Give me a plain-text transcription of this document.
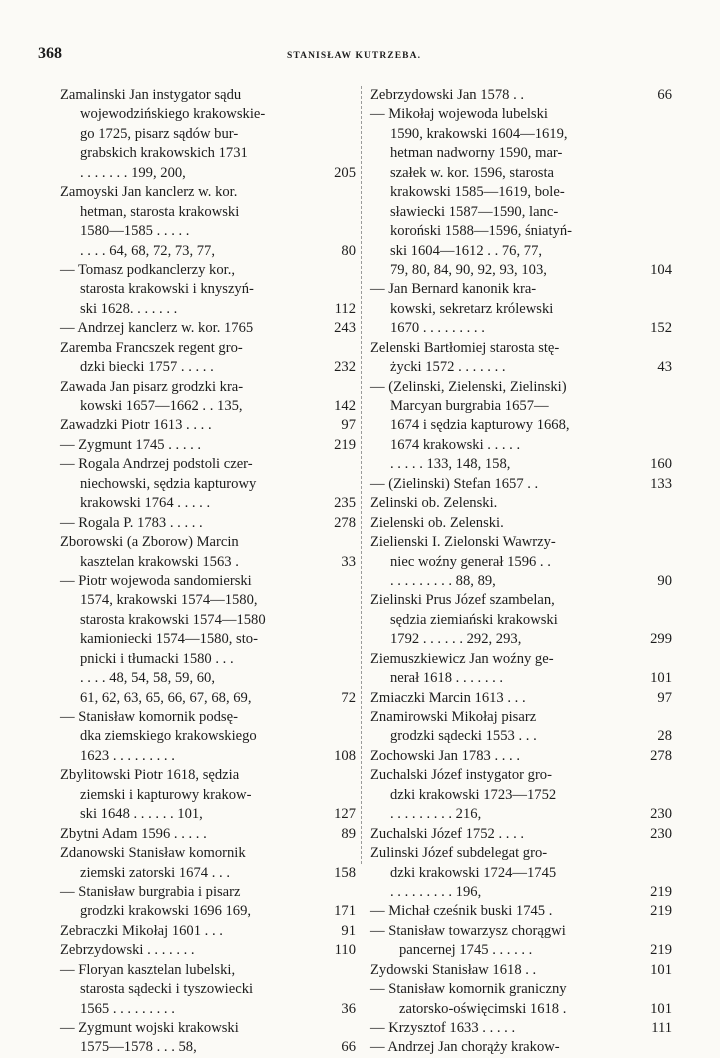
368	STANISŁAW KUTRZEBA.
Zamalinski Jan instygator sądu
wojewodzińskiego krakowskie-
go 1725, pisarz sądów bur-
grabskich krakowskich 1731
. . . . . . . 199, 200,	205
Zamoyski Jan kanclerz w. kor.
hetman, starosta krakowski
1580—1585 . . . . .
. . . . 64, 68, 72, 73, 77,	80
— Tomasz podkanclerzy kor.,
starosta krakowski i knyszyń-
ski 1628. . . . . . .	112
— Andrzej kanclerz w. kor. 1765	243
Zaremba Francszek regent gro-
dzki biecki 1757 . . . . .	232
Zawada Jan pisarz grodzki kra-
kowski 1657—1662 . . 135,	142
Zawadzki Piotr 1613 . . . .	97
— Zygmunt 1745 . . . . .	219
— Rogala Andrzej podstoli czer-
niechowski, sędzia kapturowy
krakowski 1764 . . . . .	235
— Rogala P. 1783 . . . . .	278
Zborowski (a Zborow) Marcin
kasztelan krakowski 1563 .	33
— Piotr wojewoda sandomierski
1574, krakowski 1574—1580,
starosta krakowski 1574—1580
kamioniecki 1574—1580, sto-
pnicki i tłumacki 1580 . . .
. . . . 48, 54, 58, 59, 60,
61, 62, 63, 65, 66, 67, 68, 69,	72
— Stanisław komornik podsę-
dka ziemskiego krakowskiego
1623 . . . . . . . . .	108
Zbylitowski Piotr 1618, sędzia
ziemski i kapturowy krakow-
ski 1648 . . . . . . 101,	127
Zbytni Adam 1596 . . . . .	89
Zdanowski Stanisław komornik
ziemski zatorski 1674 . . .	158
— Stanisław burgrabia i pisarz
grodzki krakowski 1696 169,	171
Zebraczki Mikołaj 1601 . . .	91
Zebrzydowski . . . . . . .	110
— Floryan kasztelan lubelski,
starosta sądecki i tyszowiecki
1565 . . . . . . . . .	36
— Zygmunt wojski krakowski
1575—1578 . . . 58,	66
Zebrzydowski Jan 1578 . .	66
— Mikołaj wojewoda lubelski
1590, krakowski 1604—1619,
hetman nadworny 1590, mar-
szałek w. kor. 1596, starosta
krakowski 1585—1619, bole-
sławiecki 1587—1590, lanc-
koroński 1588—1596, śniatyń-
ski 1604—1612 . . 76, 77,
79, 80, 84, 90, 92, 93, 103,	104
— Jan Bernard kanonik kra-
kowski, sekretarz królewski
1670 . . . . . . . . .	152
Zelenski Bartłomiej starosta stę-
życki 1572 . . . . . . .	43
— (Zelinski, Zielenski, Zielinski)
Marcyan burgrabia 1657—
1674 i sędzia kapturowy 1668,
1674 krakowski . . . . .
. . . . . 133, 148, 158,	160
— (Zielinski) Stefan 1657 . .	133
Zelinski ob. Zelenski.
Zielenski ob. Zelenski.
Zielienski I. Zielonski Wawrzy-
niec woźny generał 1596 . .
. . . . . . . . . 88, 89,	90
Zielinski Prus Józef szambelan,
sędzia ziemiański krakowski
1792 . . . . . . 292, 293,	299
Ziemuszkiewicz Jan woźny ge-
nerał 1618 . . . . . . .	101
Zmiaczki Marcin 1613 . . .	97
Znamirowski Mikołaj pisarz
grodzki sądecki 1553 . . .	28
Zochowski Jan 1783 . . . .	278
Zuchalski Józef instygator gro-
dzki krakowski 1723—1752
. . . . . . . . . 216,	230
Zuchalski Józef 1752 . . . .	230
Zulinski Józef subdelegat gro-
dzki krakowski 1724—1745
. . . . . . . . . 196,	219
— Michał cześnik buski 1745 .	219
— Stanisław towarzysz chorągwi
pancernej 1745 . . . . . .	219
Zydowski Stanisław 1618 . .	101
— Stanisław komornik graniczny
zatorsko-oświęcimski 1618 .	101
— Krzysztof 1633 . . . . .	111
— Andrzej Jan chorąży krakow-
